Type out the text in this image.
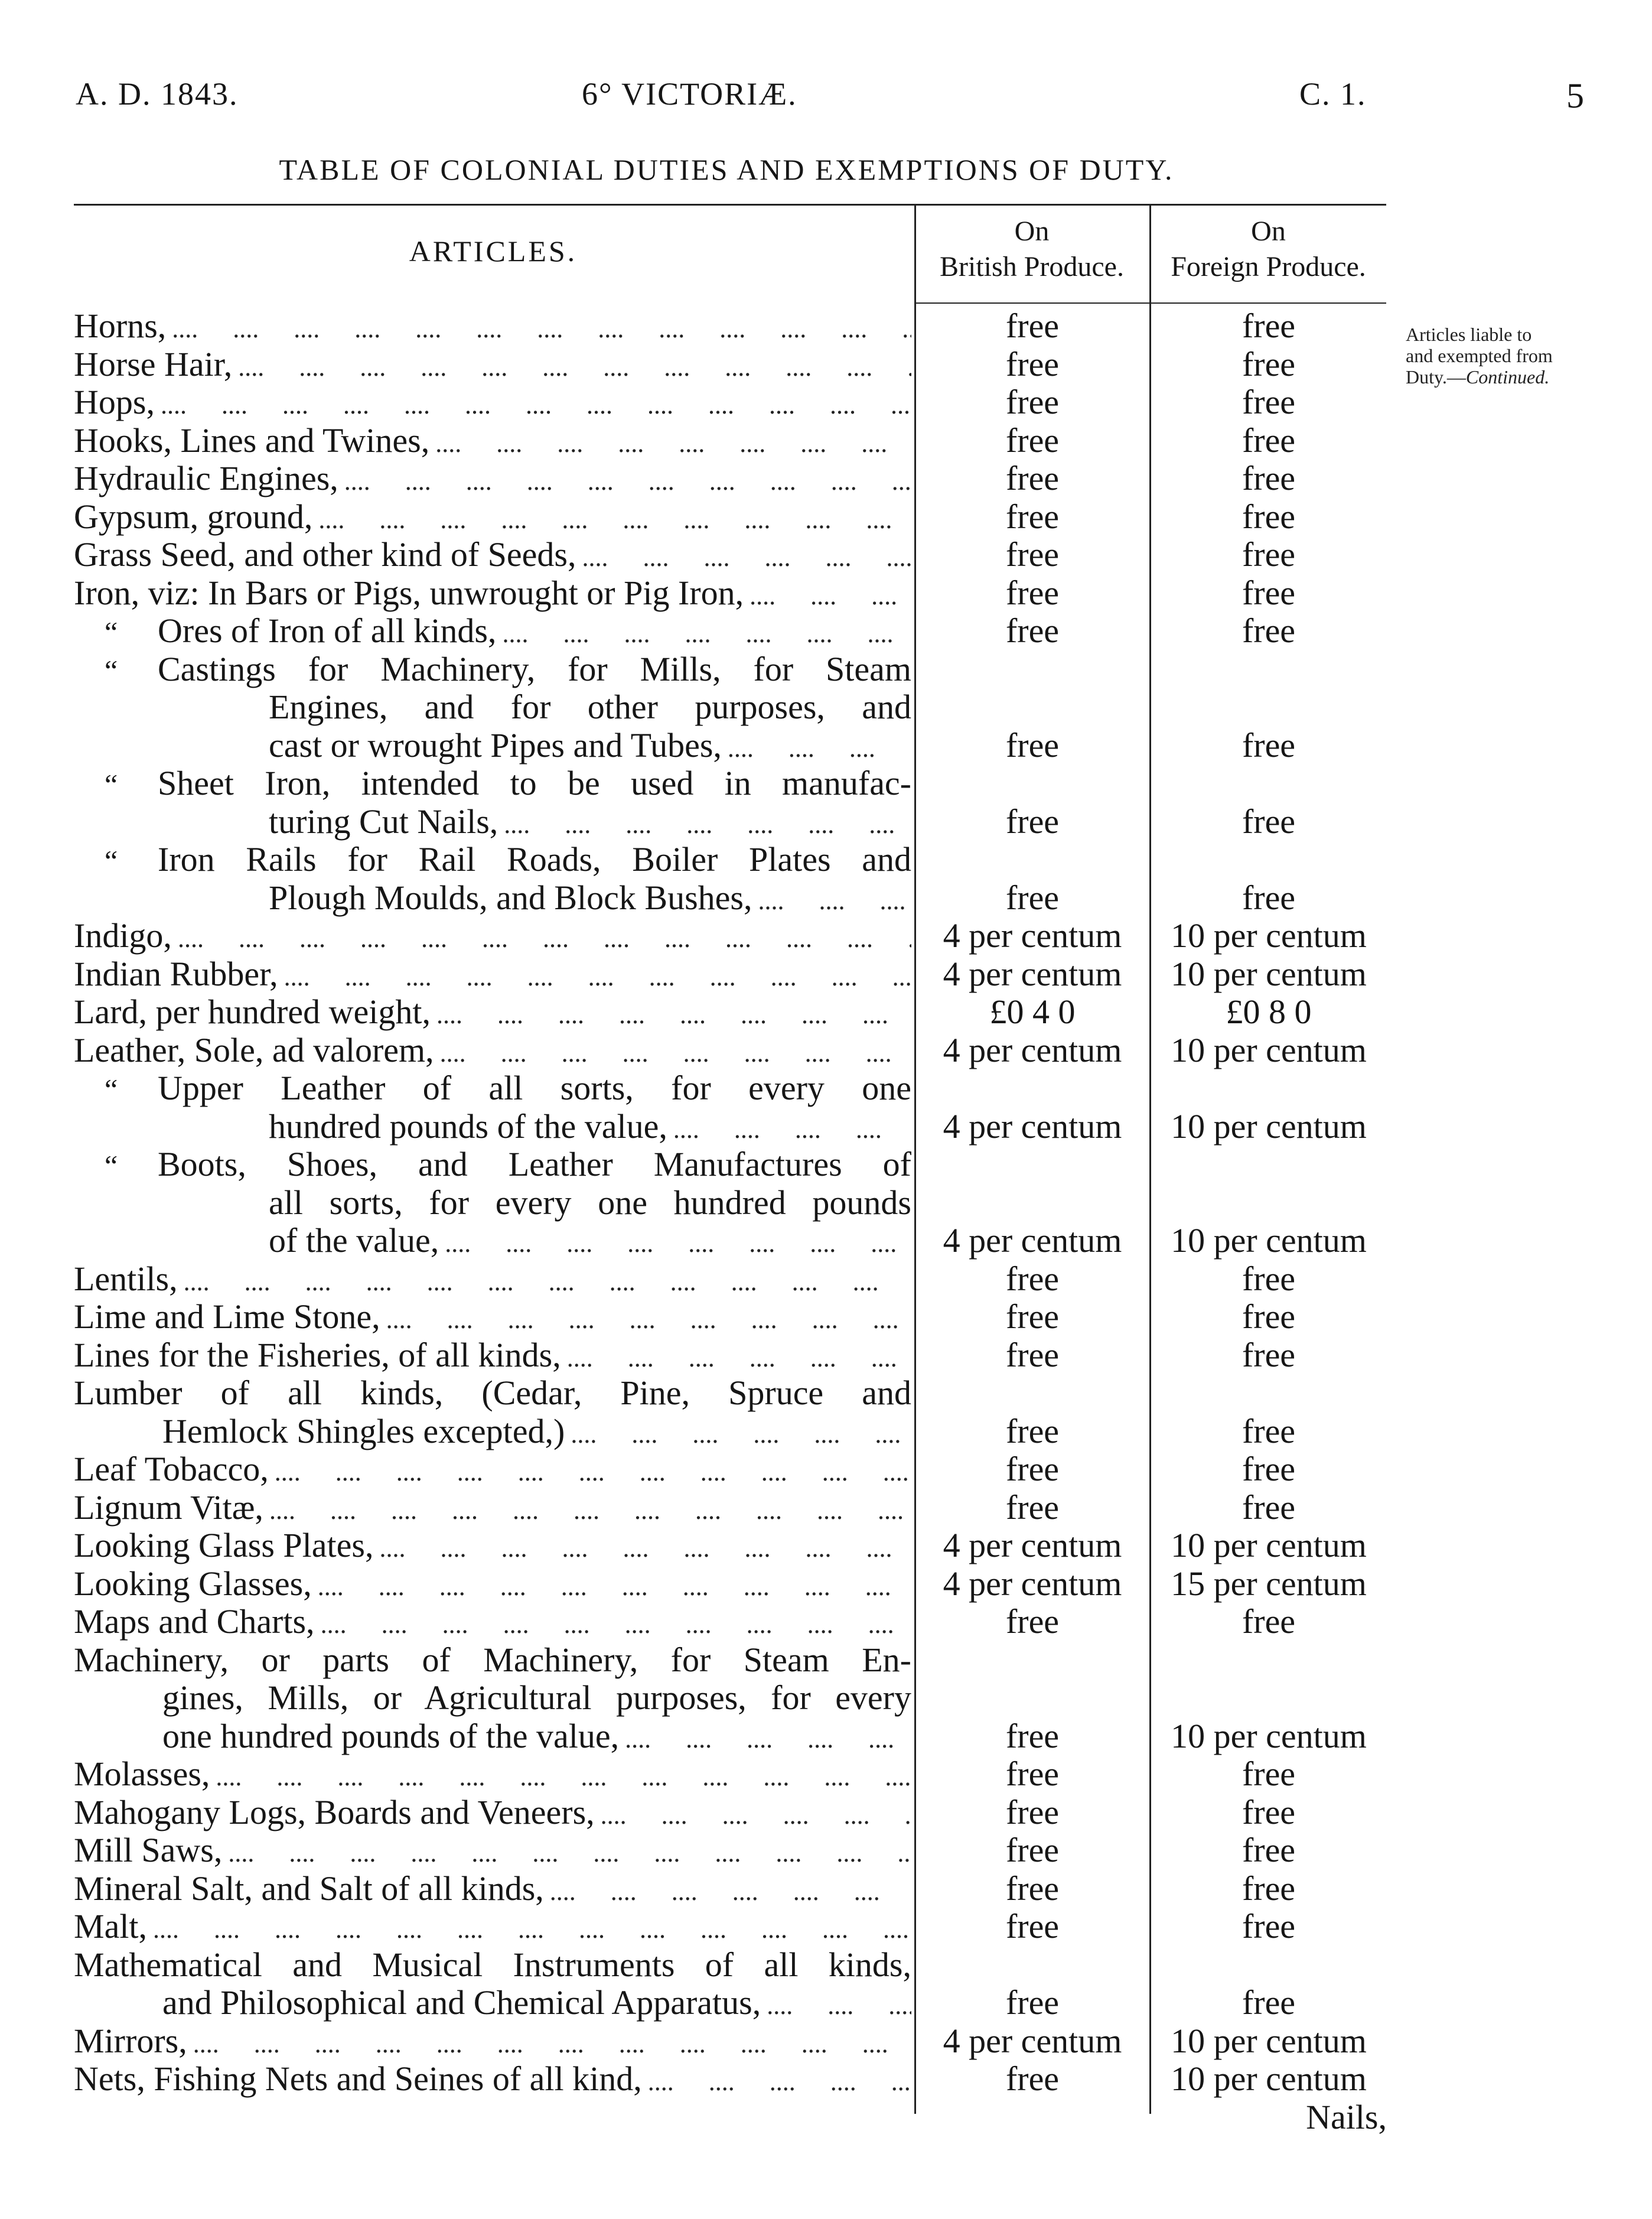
A. D. 1843.	6° VICTORIÆ.	C. 1.	5
TABLE OF COLONIAL DUTIES AND EXEMPTIONS OF DUTY.
ARTICLES.
On
British Produce.
On
Foreign Produce.
Articles liable to
and exempted from
Duty.—Continued.
Horns, ....	free	free
Horse Hair, ....	free	free
Hops, ....	free	free
Hooks, Lines and Twines, ....	free	free
Hydraulic Engines, ....	free	free
Gypsum, ground, ....	free	free
Grass Seed, and other kind of Seeds, ....	free	free
Iron, viz: In Bars or Pigs, unwrought or Pig Iron, ....	free	free
“	Ores of Iron of all kinds, ....	free	free
“ Castings for Machinery, for Mills, for Steam
Engines, and for other purposes, and
cast or wrought Pipes and Tubes, ....	free	free
“ Sheet Iron, intended to be used in manufac-
turing Cut Nails, ....	free	free
“ Iron Rails for Rail Roads, Boiler Plates and
Plough Moulds, and Block Bushes, ....	free	free
Indigo, ....	4 per centum	10 per centum
Indian Rubber, ....	4 per centum	10 per centum
Lard, per hundred weight, ....	£0 4 0	£0 8 0
Leather, Sole, ad valorem, ....	4 per centum	10 per centum
“ Upper Leather of all sorts, for every one
hundred pounds of the value, ....	4 per centum	10 per centum
“ Boots, Shoes, and Leather Manufactures of
all sorts, for every one hundred pounds
of the value, ....	4 per centum	10 per centum
Lentils, ....	free	free
Lime and Lime Stone, ....	free	free
Lines for the Fisheries, of all kinds, ....	free	free
Lumber of all kinds, (Cedar, Pine, Spruce and
Hemlock Shingles excepted,) ....	free	free
Leaf Tobacco, ....	free	free
Lignum Vitæ, ....	free	free
Looking Glass Plates, ....	4 per centum	10 per centum
Looking Glasses, ....	4 per centum	15 per centum
Maps and Charts, ....	free	free
Machinery, or parts of Machinery, for Steam En-
gines, Mills, or Agricultural purposes, for every
one hundred pounds of the value, ....	free	10 per centum
Molasses, ....	free	free
Mahogany Logs, Boards and Veneers, ....	free	free
Mill Saws, ....	free	free
Mineral Salt, and Salt of all kinds, ....	free	free
Malt, ....	free	free
Mathematical and Musical Instruments of all kinds,
and Philosophical and Chemical Apparatus, ....	free	free
Mirrors, ....	4 per centum	10 per centum
Nets, Fishing Nets and Seines of all kind, ....	free	10 per centum
Nails,
